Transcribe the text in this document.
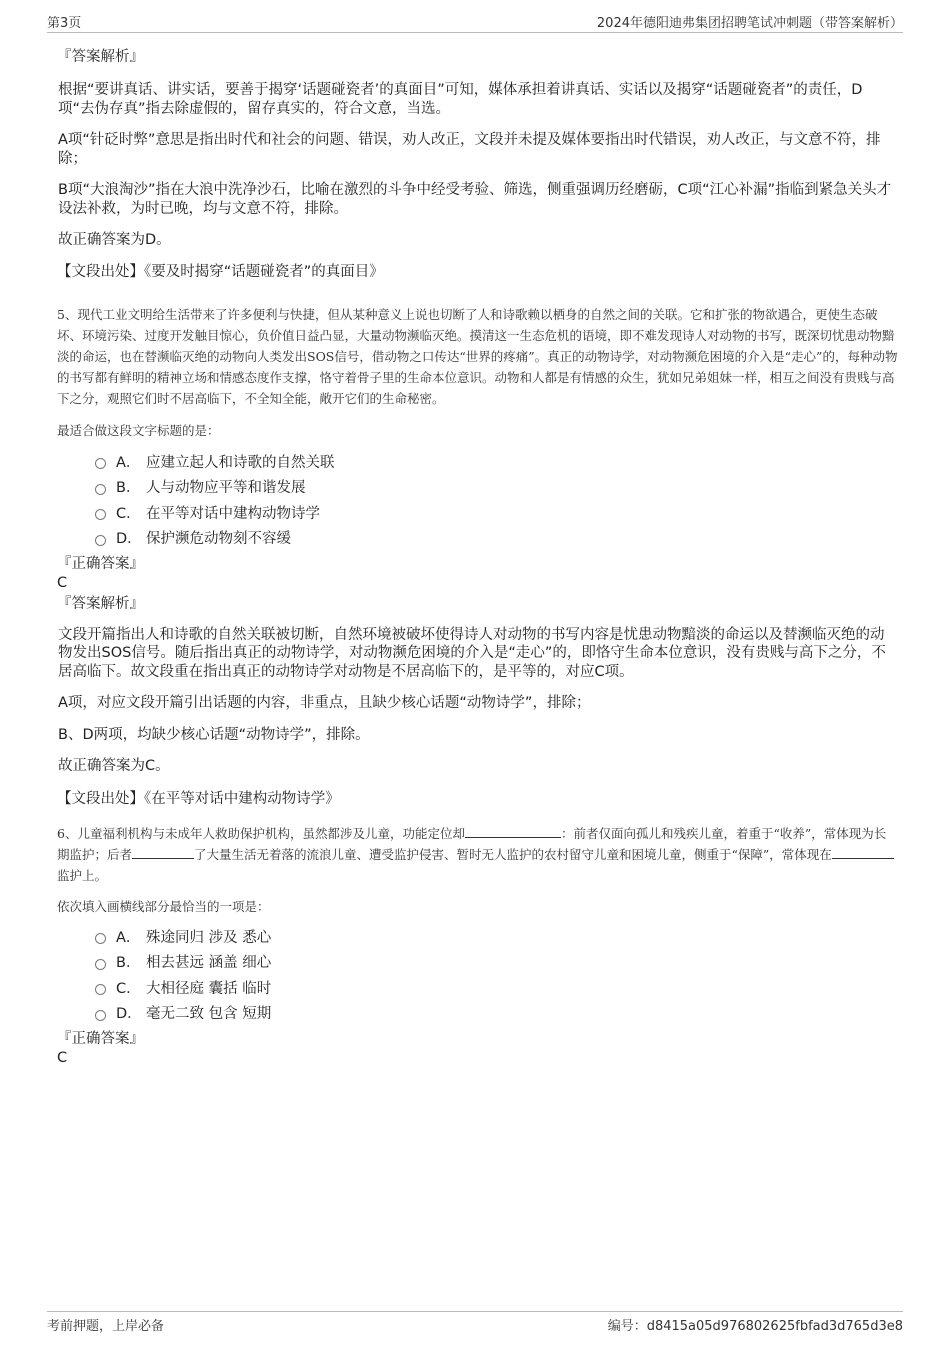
第3页	2024年德阳迪弗集团招聘笔试冲刺题（带答案解析）
『答案解析』

根据“要讲真话、讲实话，要善于揭穿‘话题碰瓷者’的真面目”可知，媒体承担着讲真话、实话以及揭穿“话题碰瓷者”的责任，D项“去伪存真”指去除虚假的，留存真实的，符合文意，当选。

A项“针砭时弊”意思是指出时代和社会的问题、错误，劝人改正，文段并未提及媒体要指出时代错误，劝人改正，与文意不符，排除；

B项“大浪淘沙”指在大浪中洗净沙石，比喻在激烈的斗争中经受考验、筛选，侧重强调历经磨砺，C项“江心补漏”指临到紧急关头才设法补救，为时已晚，均与文意不符，排除。

故正确答案为D。

【文段出处】《要及时揭穿“话题碰瓷者”的真面目》
5、现代工业文明给生活带来了许多便利与快捷，但从某种意义上说也切断了人和诗歌赖以栖身的自然之间的关联。它和扩张的物欲遇合，更使生态破坏、环境污染、过度开发触目惊心，负价值日益凸显，大量动物濒临灭绝。摸清这一生态危机的语境，即不难发现诗人对动物的书写，既深切忧患动物黯淡的命运，也在替濒临灭绝的动物向人类发出SOS信号，借动物之口传达“世界的疼痛”。真正的动物诗学，对动物濒危困境的介入是“走心”的，每种动物的书写都有鲜明的精神立场和情感态度作支撑，恪守着骨子里的生命本位意识。动物和人都是有情感的众生，犹如兄弟姐妹一样，相互之间没有贵贱与高下之分，观照它们时不居高临下，不全知全能，敞开它们的生命秘密。
最适合做这段文字标题的是：
A． 应建立起人和诗歌的自然关联
B． 人与动物应平等和谐发展
C． 在平等对话中建构动物诗学
D． 保护濒危动物刻不容缓
『正确答案』
C
『答案解析』

文段开篇指出人和诗歌的自然关联被切断，自然环境被破坏使得诗人对动物的书写内容是忧患动物黯淡的命运以及替濒临灭绝的动物发出SOS信号。随后指出真正的动物诗学，对动物濒危困境的介入是“走心”的，即恪守生命本位意识，没有贵贱与高下之分，不居高临下。故文段重在指出真正的动物诗学对动物是不居高临下的，是平等的，对应C项。

A项，对应文段开篇引出话题的内容，非重点，且缺少核心话题“动物诗学”，排除；

B、D两项，均缺少核心话题“动物诗学”，排除。

故正确答案为C。

【文段出处】《在平等对话中建构动物诗学》
6、儿童福利机构与未成年人救助保护机构，虽然都涉及儿童，功能定位却	：前者仅面向孤儿和残疾儿童，着重于“收养”，常体现为长期监护；后者	了大量生活无着落的流浪儿童、遭受监护侵害、暂时无人监护的农村留守儿童和困境儿童，侧重于“保障”，常体现在监护上。
依次填入画横线部分最恰当的一项是：
A． 殊途同归 涉及 悉心
B． 相去甚远 涵盖 细心
C． 大相径庭 囊括 临时
D． 毫无二致 包含 短期
『正确答案』
C
考前押题，上岸必备	编号：d8415a05d976802625fbfad3d765d3e8
